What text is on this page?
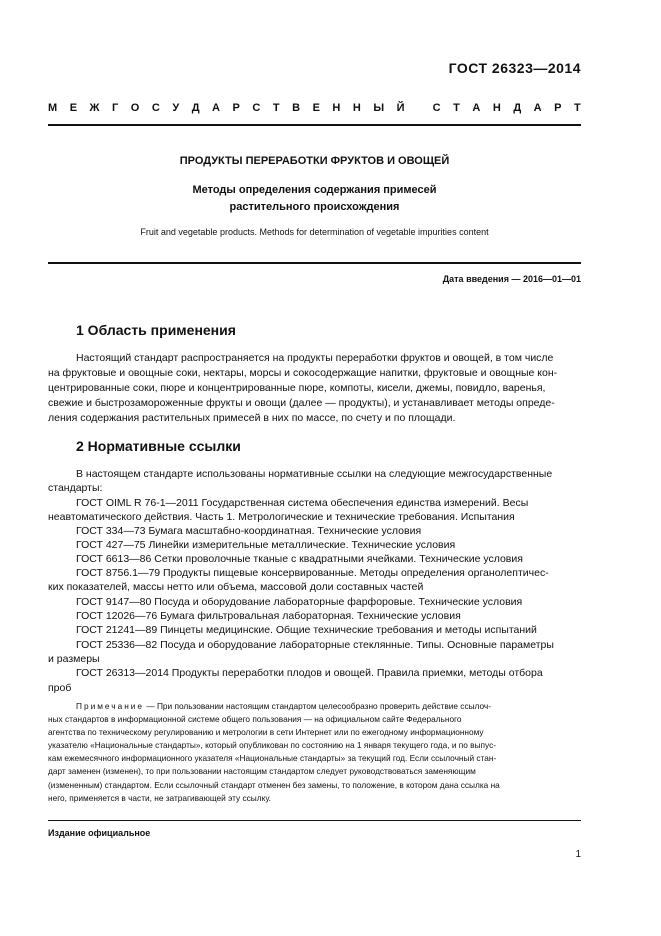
ГОСТ 26323—2014
М Е Ж Г О С У Д А Р С Т В Е Н Н Ы Й
	С Т А Н Д А Р Т
ПРОДУКТЫ ПЕРЕРАБОТКИ ФРУКТОВ И ОВОЩЕЙ
Методы определения содержания примесей
растительного происхождения
Fruit and vegetable products. Methods for determination of vegetable impurities content
Дата введения — 2016—01—01
1 Область применения
Настоящий стандарт распространяется на продукты переработки фруктов и овощей, в том числе
на фруктовые и овощные соки, нектары, морсы и сокосодержащие напитки, фруктовые и овощные кон-
центрированные соки, пюре и концентрированные пюре, компоты, кисели, джемы, повидло, варенья,
свежие и быстрозамороженные фрукты и овощи (далее — продукты), и устанавливает методы опреде-
ления содержания растительных примесей в них по массе, по счету и по площади.
2 Нормативные ссылки
В настоящем стандарте использованы нормативные ссылки на следующие межгосударственные
стандарты:
ГОСТ OIML R 76-1—2011 Государственная система обеспечения единства измерений. Весы
неавтоматического действия. Часть 1. Метрологические и технические требования. Испытания
ГОСТ 334—73 Бумага масштабно-координатная. Технические условия
ГОСТ 427—75 Линейки измерительные металлические. Технические условия
ГОСТ 6613—86 Сетки проволочные тканые с квадратными ячейками. Технические условия
ГОСТ 8756.1—79 Продукты пищевые консервированные. Методы определения органолептичес-
ких показателей, массы нетто или объема, массовой доли составных частей
ГОСТ 9147—80 Посуда и оборудование лабораторные фарфоровые. Технические условия
ГОСТ 12026—76 Бумага фильтровальная лабораторная. Технические условия
ГОСТ 21241—89 Пинцеты медицинские. Общие технические требования и методы испытаний
ГОСТ 25336—82 Посуда и оборудование лабораторные стеклянные. Типы. Основные параметры
и размеры
ГОСТ 26313—2014 Продукты переработки плодов и овощей. Правила приемки, методы отбора
проб
Примечание — При пользовании настоящим стандартом целесообразно проверить действие ссылоч-
ных стандартов в информационной системе общего пользования — на официальном сайте Федерального
агентства по техническому регулированию и метрологии в сети Интернет или по ежегодному информационному
указателю «Национальные стандарты», который опубликован по состоянию на 1 января текущего года, и по выпус-
кам ежемесячного информационного указателя «Национальные стандарты» за текущий год. Если ссылочный стан-
дарт заменен (изменен), то при пользовании настоящим стандартом следует руководствоваться заменяющим
(измененным) стандартом. Если ссылочный стандарт отменен без замены, то положение, в котором дана ссылка на
него, применяется в части, не затрагивающей эту ссылку.
Издание официальное
1
